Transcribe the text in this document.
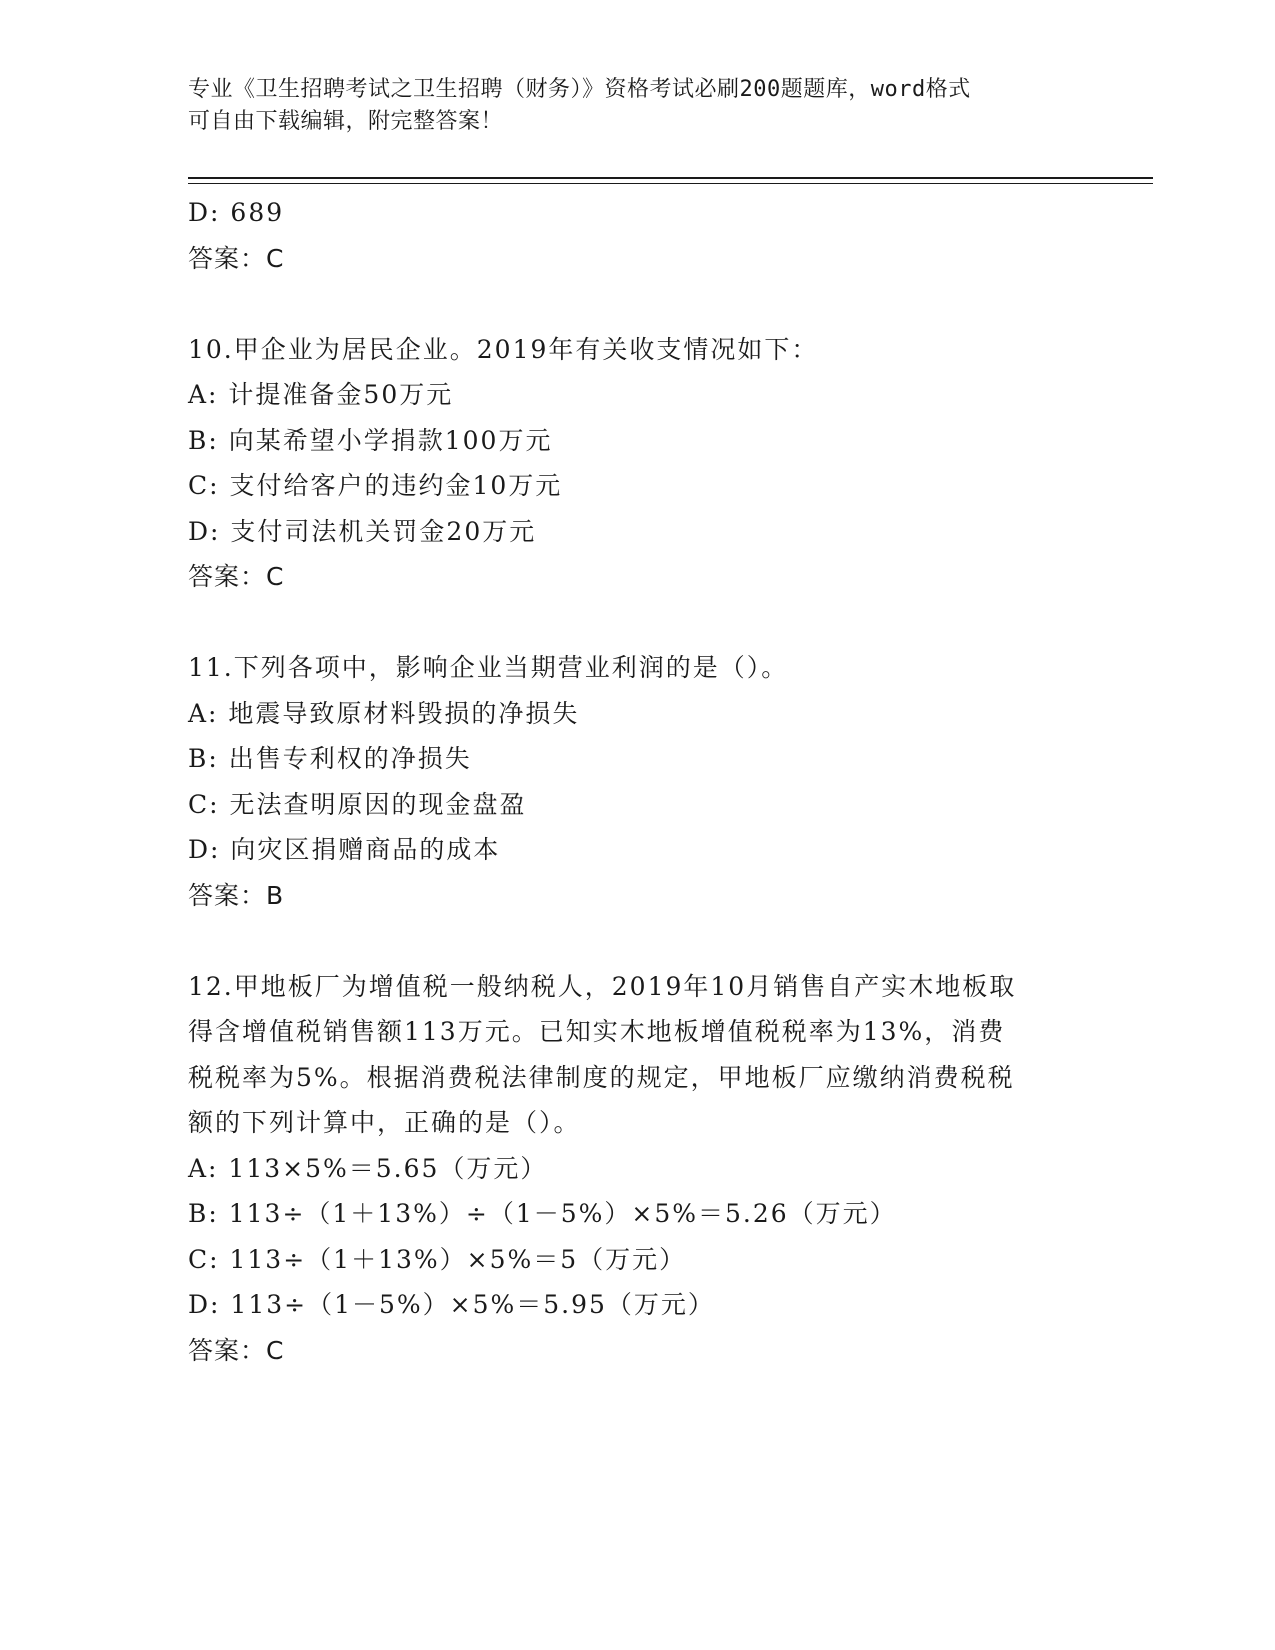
专业《卫生招聘考试之卫生招聘（财务）》资格考试必刷200题题库，word格式
可自由下载编辑，附完整答案！
D: 689
答案：C
10.甲企业为居民企业。2019年有关收支情况如下：
A: 计提准备金50万元
B: 向某希望小学捐款100万元
C: 支付给客户的违约金10万元
D: 支付司法机关罚金20万元
答案：C
11.下列各项中，影响企业当期营业利润的是（）。
A: 地震导致原材料毁损的净损失
B: 出售专利权的净损失
C: 无法查明原因的现金盘盈
D: 向灾区捐赠商品的成本
答案：B
12.甲地板厂为增值税一般纳税人，2019年10月销售自产实木地板取
得含增值税销售额113万元。已知实木地板增值税税率为13%，消费
税税率为5%。根据消费税法律制度的规定，甲地板厂应缴纳消费税税
额的下列计算中，正确的是（）。
A: 113×5%＝5.65（万元）
B: 113÷（1＋13%）÷（1－5%）×5%＝5.26（万元）
C: 113÷（1＋13%）×5%＝5（万元）
D: 113÷（1－5%）×5%＝5.95（万元）
答案：C
